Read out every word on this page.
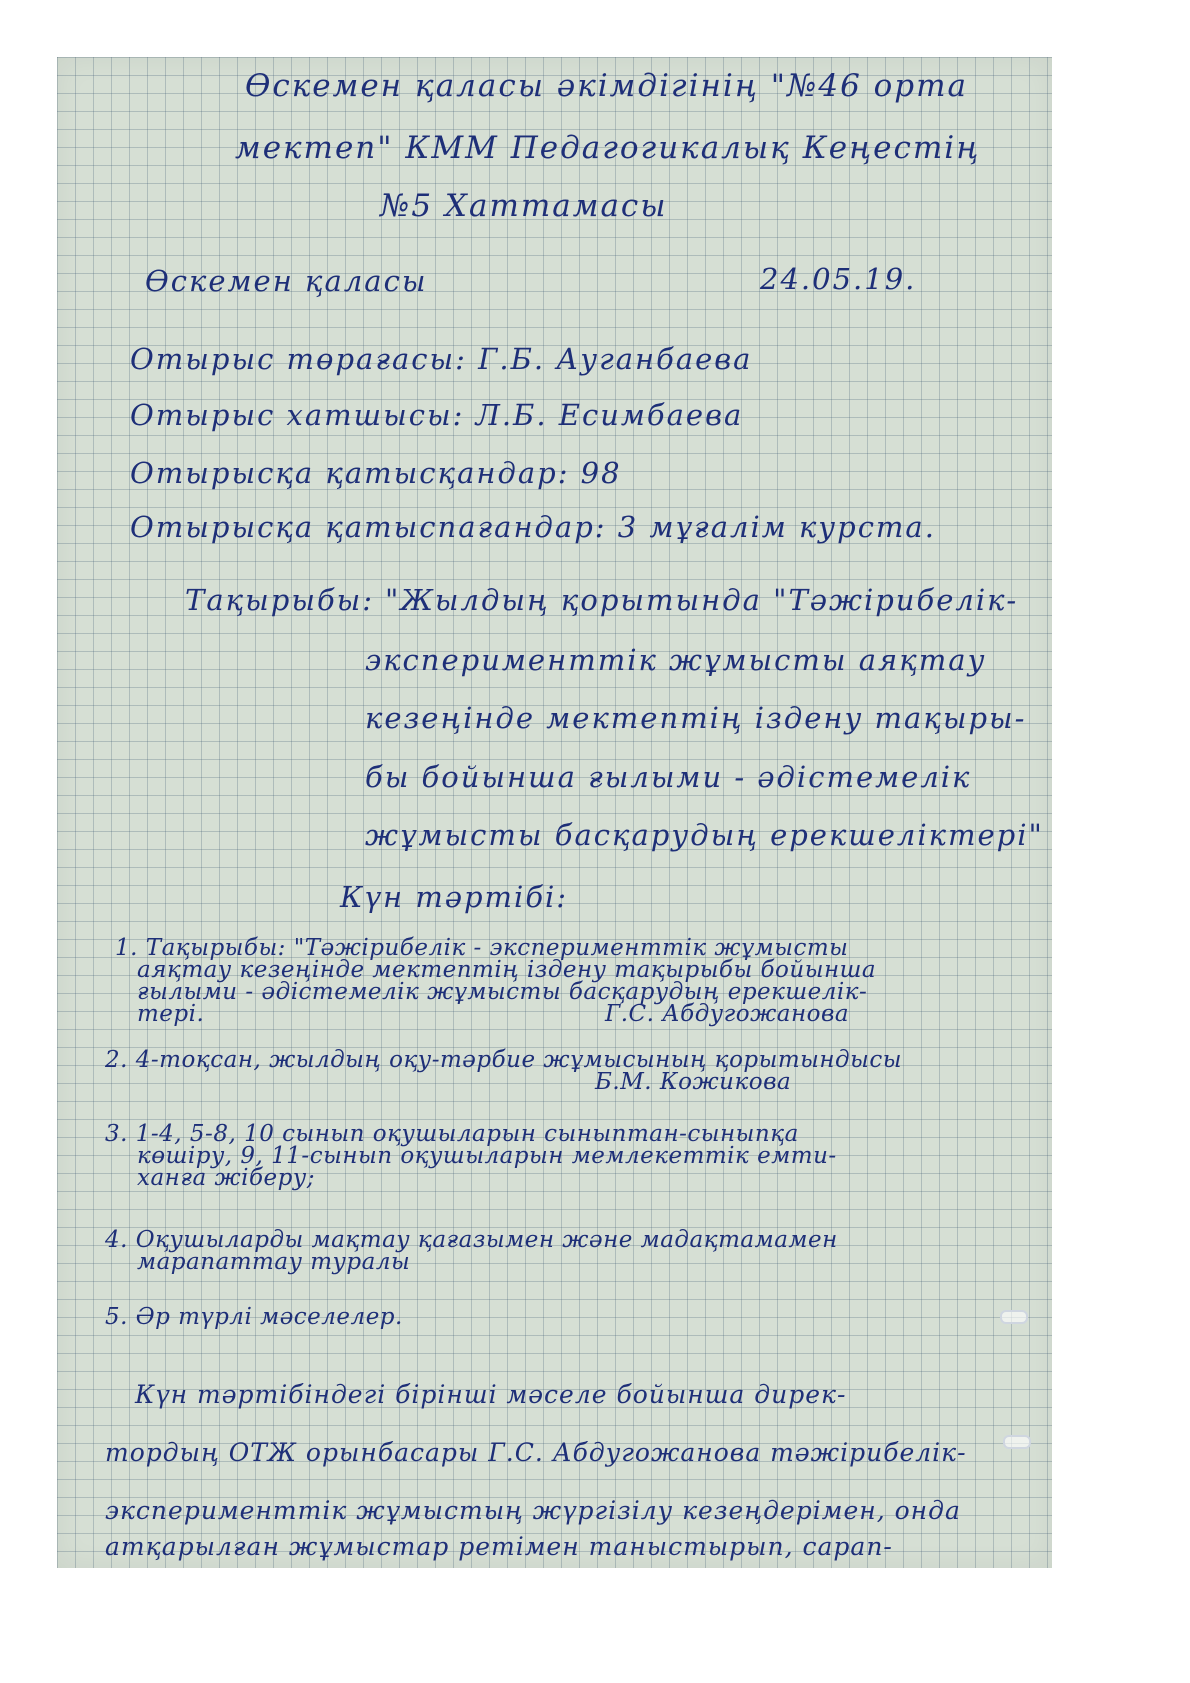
Өскемен қаласы әкімдігінің "№46 орта

мектеп" КММ Педагогикалық Кеңестің

№5 Хаттамасы

Өскемен қаласы	24.05.19.

Отырыс төрағасы: Г.Б. Ауганбаева

Отырыс хатшысы: Л.Б. Есимбаева

Отырысқа қатысқандар: 98

Отырысқа қатыспағандар: 3 мұғалім курста.

Тақырыбы: "Жылдың қорытында "Тәжірибелік-

эксперименттік жұмысты аяқтау

кезеңінде мектептің іздену тақыры-

бы бойынша ғылыми - әдістемелік

жұмысты басқарудың ерекшеліктері"

Күн тәртібі:

1. Тақырыбы: "Тәжірибелік - эксперименттік жұмысты

аяқтау кезеңінде мектептің іздену тақырыбы бойынша

ғылыми - әдістемелік жұмысты басқарудың ерекшелік-

тері.	Г.С. Абдугожанова

2. 4-тоқсан, жылдың оқу-тәрбие жұмысының қорытындысы

Б.М. Кожикова

3. 1-4, 5-8, 10 сынып оқушыларын сыныптан-сыныпқа

көшіру, 9, 11-сынып оқушыларын мемлекеттік емти-

ханға жіберу;

4. Оқушыларды мақтау қағазымен және мадақтамамен

марапаттау туралы

5. Әр түрлі мәселелер.

Күн тәртібіндегі бірінші мәселе бойынша дирек-

тордың ОТЖ орынбасары Г.С. Абдугожанова тәжірибелік-

эксперименттік жұмыстың жүргізілу кезеңдерімен, онда

атқарылған жұмыстар ретімен таныстырып, сарап-
